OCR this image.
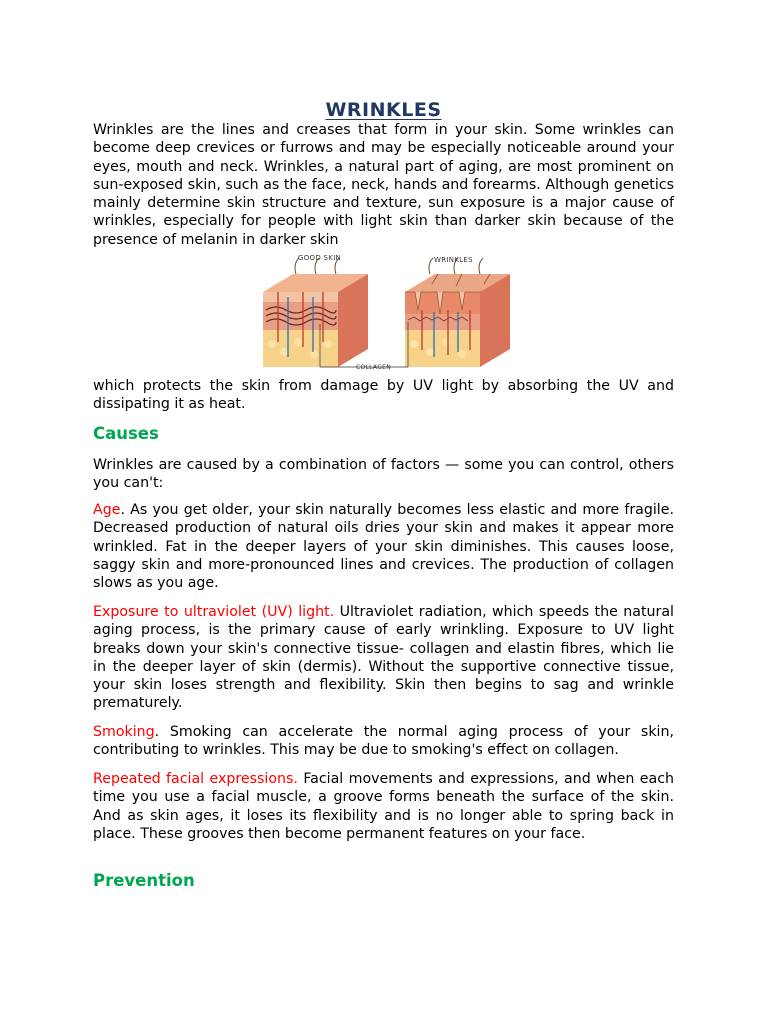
WRINKLES

Wrinkles are the lines and creases that form in your skin. Some wrinkles can become deep crevices or furrows and may be especially noticeable around your eyes, mouth and neck. Wrinkles, a natural part of aging, are most prominent on sun-exposed skin, such as the face, neck, hands and forearms. Although genetics mainly determine skin structure and texture, sun exposure is a major cause of wrinkles, especially for people with light skin than darker skin because of the presence of melanin in darker skin

GOOD SKIN	WRINKLES
COLLAGEN

which protects the skin from damage by UV light by absorbing the UV and dissipating it as heat.

Causes

Wrinkles are caused by a combination of factors — some you can control, others you can't:

Age. As you get older, your skin naturally becomes less elastic and more fragile. Decreased production of natural oils dries your skin and makes it appear more wrinkled. Fat in the deeper layers of your skin diminishes. This causes loose, saggy skin and more-pronounced lines and crevices. The production of collagen slows as you age.

Exposure to ultraviolet (UV) light. Ultraviolet radiation, which speeds the natural aging process, is the primary cause of early wrinkling. Exposure to UV light breaks down your skin's connective tissue- collagen and elastin fibres, which lie in the deeper layer of skin (dermis). Without the supportive connective tissue, your skin loses strength and flexibility. Skin then begins to sag and wrinkle prematurely.

Smoking. Smoking can accelerate the normal aging process of your skin, contributing to wrinkles. This may be due to smoking's effect on collagen.

Repeated facial expressions. Facial movements and expressions, and when each time you use a facial muscle, a groove forms beneath the surface of the skin. And as skin ages, it loses its flexibility and is no longer able to spring back in place. These grooves then become permanent features on your face.

Prevention
